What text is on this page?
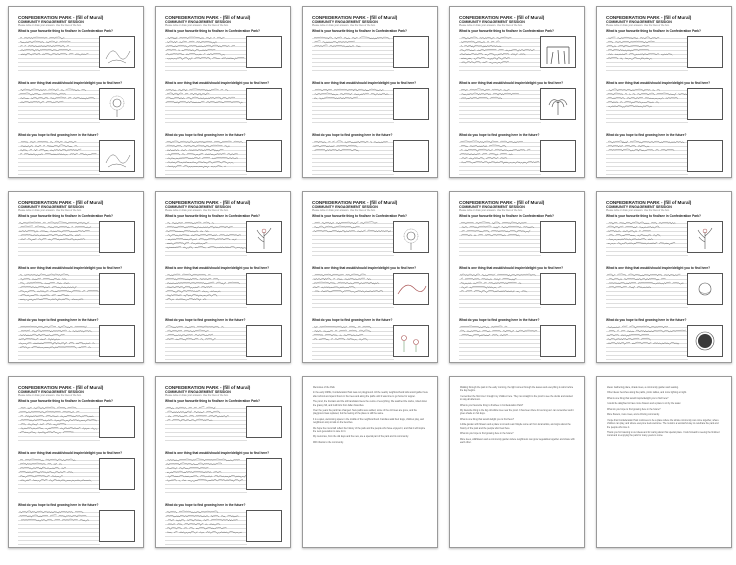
CONFEDERATION PARK - (fill of Mural)
COMMUNITY ENGAGEMENT SESSION
Please write or draw your answers. Use the lines or the box.
What is your favourite thing to find/see in Confederation Park?
What is one thing that would/should inspire/delight you to find here?
What do you hope to find growing here in the future?
CONFEDERATION PARK - (fill of Mural)
COMMUNITY ENGAGEMENT SESSION
Please write or draw your answers. Use the lines or the box.
What is your favourite thing to find/see in Confederation Park?
What is one thing that would/should inspire/delight you to find here?
What do you hope to find growing here in the future?
CONFEDERATION PARK - (fill of Mural)
COMMUNITY ENGAGEMENT SESSION
Please write or draw your answers. Use the lines or the box.
What is your favourite thing to find/see in Confederation Park?
What is one thing that would/should inspire/delight you to find here?
What do you hope to find growing here in the future?
CONFEDERATION PARK - (fill of Mural)
COMMUNITY ENGAGEMENT SESSION
Please write or draw your answers. Use the lines or the box.
What is your favourite thing to find/see in Confederation Park?
What is one thing that would/should inspire/delight you to find here?
What do you hope to find growing here in the future?
CONFEDERATION PARK - (fill of Mural)
COMMUNITY ENGAGEMENT SESSION
Please write or draw your answers. Use the lines or the box.
What is your favourite thing to find/see in Confederation Park?
What is one thing that would/should inspire/delight you to find here?
What do you hope to find growing here in the future?
CONFEDERATION PARK - (fill of Mural)
COMMUNITY ENGAGEMENT SESSION
Please write or draw your answers. Use the lines or the box.
What is your favourite thing to find/see in Confederation Park?
What is one thing that would/should inspire/delight you to find here?
What do you hope to find growing here in the future?
CONFEDERATION PARK - (fill of Mural)
COMMUNITY ENGAGEMENT SESSION
Please write or draw your answers. Use the lines or the box.
What is your favourite thing to find/see in Confederation Park?
What is one thing that would/should inspire/delight you to find here?
What do you hope to find growing here in the future?
CONFEDERATION PARK - (fill of Mural)
COMMUNITY ENGAGEMENT SESSION
Please write or draw your answers. Use the lines or the box.
What is your favourite thing to find/see in Confederation Park?
What is one thing that would/should inspire/delight you to find here?
What do you hope to find growing here in the future?
CONFEDERATION PARK - (fill of Mural)
COMMUNITY ENGAGEMENT SESSION
Please write or draw your answers. Use the lines or the box.
What is your favourite thing to find/see in Confederation Park?
What is one thing that would/should inspire/delight you to find here?
What do you hope to find growing here in the future?
CONFEDERATION PARK - (fill of Mural)
COMMUNITY ENGAGEMENT SESSION
Please write or draw your answers. Use the lines or the box.
What is your favourite thing to find/see in Confederation Park?
What is one thing that would/should inspire/delight you to find here?
What do you hope to find growing here in the future?
CONFEDERATION PARK - (fill of Mural)
COMMUNITY ENGAGEMENT SESSION
Please write or draw your answers. Use the lines or the box.
What is your favourite thing to find/see in Confederation Park?
What is one thing that would/should inspire/delight you to find here?
What do you hope to find growing here in the future?
CONFEDERATION PARK - (fill of Mural)
COMMUNITY ENGAGEMENT SESSION
Please write or draw your answers. Use the lines or the box.
What is your favourite thing to find/see in Confederation Park?
What is one thing that would/should inspire/delight you to find here?
What do you hope to find growing here in the future?

Memories of the Park

In the early 1980s, Confederation Park was our playground. All the nearby neighbourhood kids would gather here after school and spend hours in the trees and along the paths until it was time to go home for supper.

The pond, the fountain and the old bandstand were the centre of everything. We watched the ducks, rolled down the grassy hill, and built forts from fallen branches.

Over the years the park has changed. New paths were added, some of the old trees are gone, and the playground was replaced, but the feeling of the place is still the same.

It is a quiet, welcoming space in the middle of the neighbourhood. Families walk their dogs, children play, and neighbours stop to talk on the benches.

We hope the mural will reflect the history of the park and the people who have enjoyed it, and that it will inspire the next generation to care for it.

My memories, from the old days and the new, are a special part of the park and its community.

With thanks to the community.

Walking through the park in the early morning, the light comes through the leaves and everything is calm before the day begins.

I remember the first time I brought my children here. They ran straight to the pond to see the ducks and wanted to stay all afternoon.

What is your favourite thing to find/see in Confederation Park?

My favourite thing is the big old willow tree near the pond. It has been there for as long as I can remember and it gives shade on hot days.

What is one thing that would delight you to find here?

A little garden with flowers and a place to sit and read. Maybe some art from local artists, and signs about the history of the park and the people who lived here.

What do you hope to find growing here in the future?

More trees, wildflowers and a community garden where neighbours can grow vegetables together and share with each other.

Ideas: Gathering place, shade trees, a community garden and seating.

Other ideas: benches along the paths, picnic tables, and more lighting at night.

What is one thing that would inspire/delight you to find here?

I would be delighted to have more flowers and a place to sit by the water.

What do you hope to find growing here in the future?

More flowers, more trees, and a thriving community.

I hope that Confederation Park continues to be a place where the whole community can come together, where children can play, and where everyone feels welcome. The mural is a wonderful way to celebrate the park and the people who love it.

Thank you for listening to our ideas and for caring about this special place. I look forward to seeing the finished mural and to enjoying the park for many years to come.
